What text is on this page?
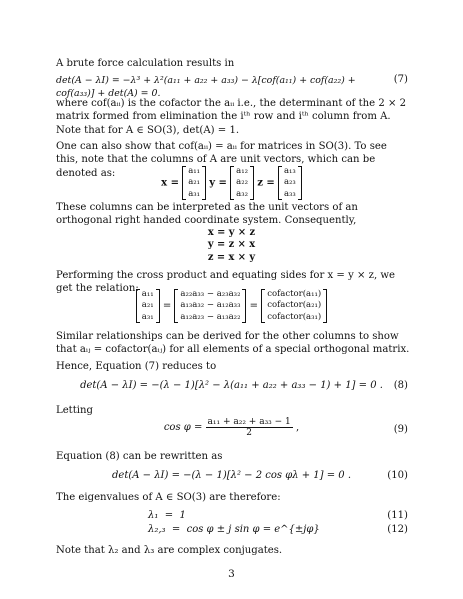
A brute force calculation results in
det(A − λI) = −λ³ + λ²(a₁₁ + a₂₂ + a₃₃) − λ[cof(a₁₁) + cof(a₂₂) + cof(a₃₃)] + det(A) = 0.
(7)
where cof(aᵢᵢ) is the cofactor the aᵢᵢ i.e., the determinant of the 2 × 2 matrix formed from elimination the iᵗʰ row and iᵗʰ column from A. Note that for A ∈ SO(3), det(A) = 1.
One can also show that cof(aᵢᵢ) = aᵢᵢ for matrices in SO(3). To see this, note that the columns of A are unit vectors, which can be denoted as:
x =
a₁₁
a₂₁
a₃₁
y =
a₁₂
a₂₂
a₃₂
z =
a₁₃
a₂₃
a₃₃
These columns can be interpreted as the unit vectors of an orthogonal right handed coordinate system. Consequently,
x = y × z
y = z × x
z = x × y
Performing the cross product and equating sides for x = y × z, we get the relation: a₁₁
a₂₁
a₃₁
=
a₂₂a₃₃ − a₂₃a₃₂
a₁₃a₃₂ − a₁₂a₃₃
a₁₂a₂₃ − a₁₃a₂₂
=
cofactor(a₁₁)
cofactor(a₂₁)
cofactor(a₃₁)
Similar relationships can be derived for the other columns to show that aᵢⱼ = cofactor(aᵢⱼ) for all elements of a special orthogonal matrix.
Hence, Equation (7) reduces to
det(A − λI) = −(λ − 1)[λ² − λ(a₁₁ + a₂₂ + a₃₃ − 1) + 1] = 0 .	(8)
Letting
$\cos \varphi = \frac{\text{a₁₁ + a₂₂ + a₃₃ − 1}}{2}$ ,	(9)
Equation (8) can be rewritten as
det(A − λI) = −(λ − 1)[λ² − 2 cos φλ + 1] = 0 .	(10)
The eigenvalues of A ∈ SO(3) are therefore:
λ₁  =  1	(11)
λ₂,₃  =  cos φ ± j sin φ = e^{±jφ}	(12)
Note that λ₂ and λ₃ are complex conjugates.
3
